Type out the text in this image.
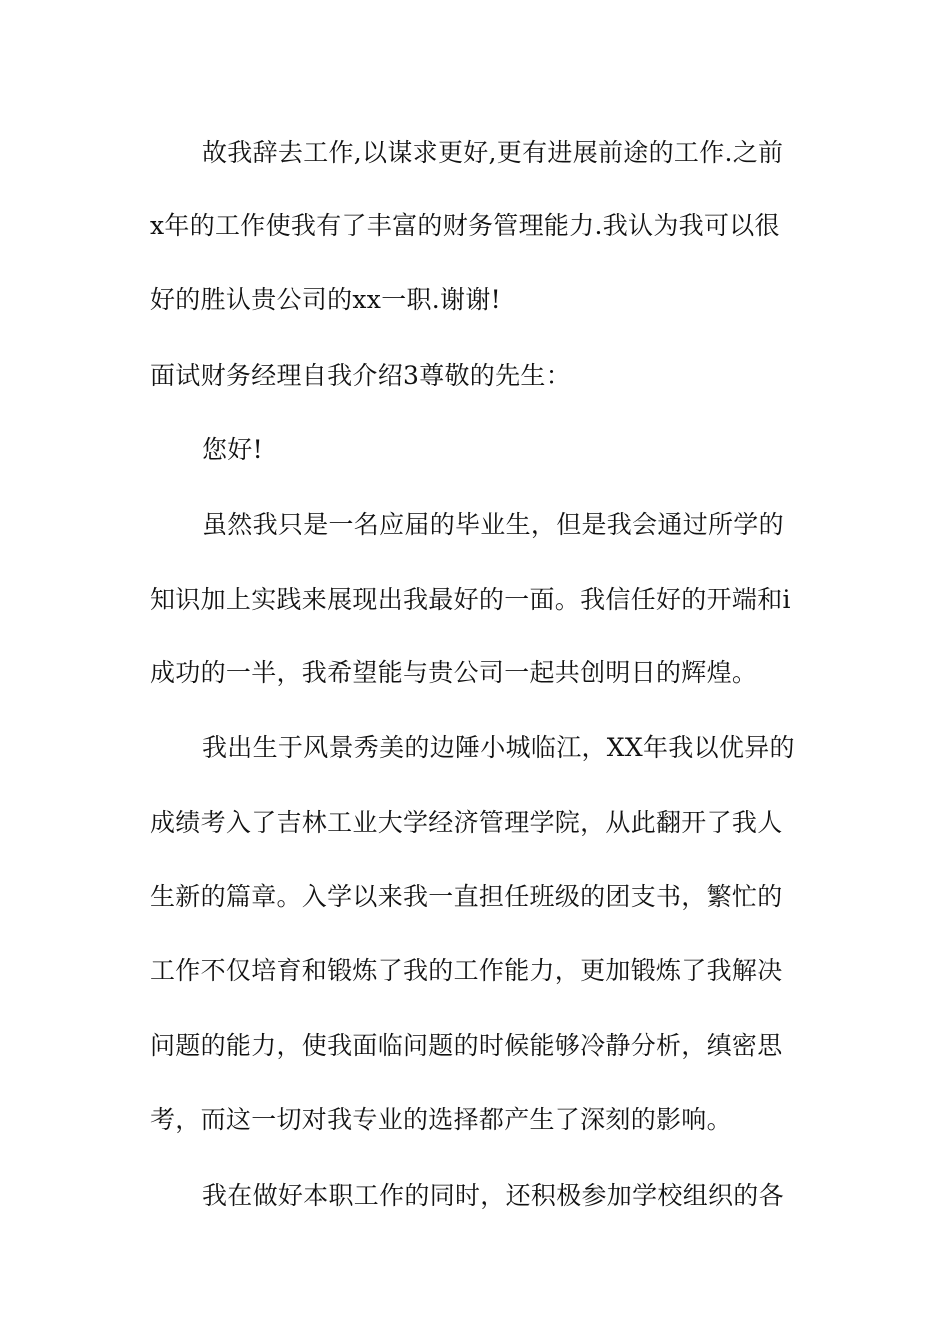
故我辞去工作,以谋求更好,更有进展前途的工作.之前
x年的工作使我有了丰富的财务管理能力.我认为我可以很
好的胜认贵公司的xx一职.谢谢!
面试财务经理自我介绍3尊敬的先生：
您好!
虽然我只是一名应届的毕业生，但是我会通过所学的
知识加上实践来展现出我最好的一面。我信任好的开端和i
成功的一半，我希望能与贵公司一起共创明日的辉煌。
我出生于风景秀美的边陲小城临江，XX年我以优异的
成绩考入了吉林工业大学经济管理学院，从此翻开了我人
生新的篇章。入学以来我一直担任班级的团支书，繁忙的
工作不仅培育和锻炼了我的工作能力，更加锻炼了我解决
问题的能力，使我面临问题的时候能够冷静分析，缜密思
考，而这一切对我专业的选择都产生了深刻的影响。
我在做好本职工作的同时，还积极参加学校组织的各
